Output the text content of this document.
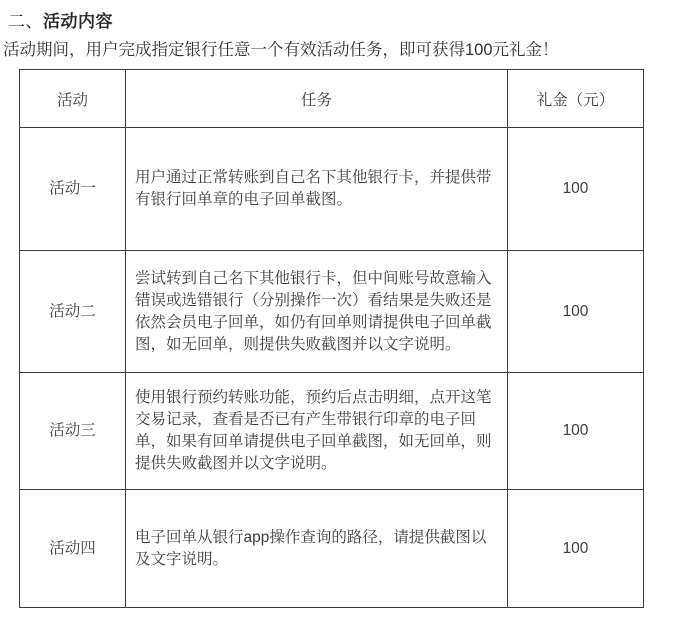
二、活动内容

活动期间，用户完成指定银行任意一个有效活动任务，即可获得100元礼金！

活动	任务	礼金（元）
活动一	用户通过正常转账到自己名下其他银行卡，并提供带有银行回单章的电子回单截图。	100
活动二	尝试转到自己名下其他银行卡，但中间账号故意输入错误或选错银行（分别操作一次）看结果是失败还是依然会员电子回单，如仍有回单则请提供电子回单截图，如无回单，则提供失败截图并以文字说明。	100
活动三	使用银行预约转账功能，预约后点击明细，点开这笔交易记录，查看是否已有产生带银行印章的电子回单，如果有回单请提供电子回单截图，如无回单，则提供失败截图并以文字说明。	100
活动四	电子回单从银行app操作查询的路径，请提供截图以及文字说明。	100
